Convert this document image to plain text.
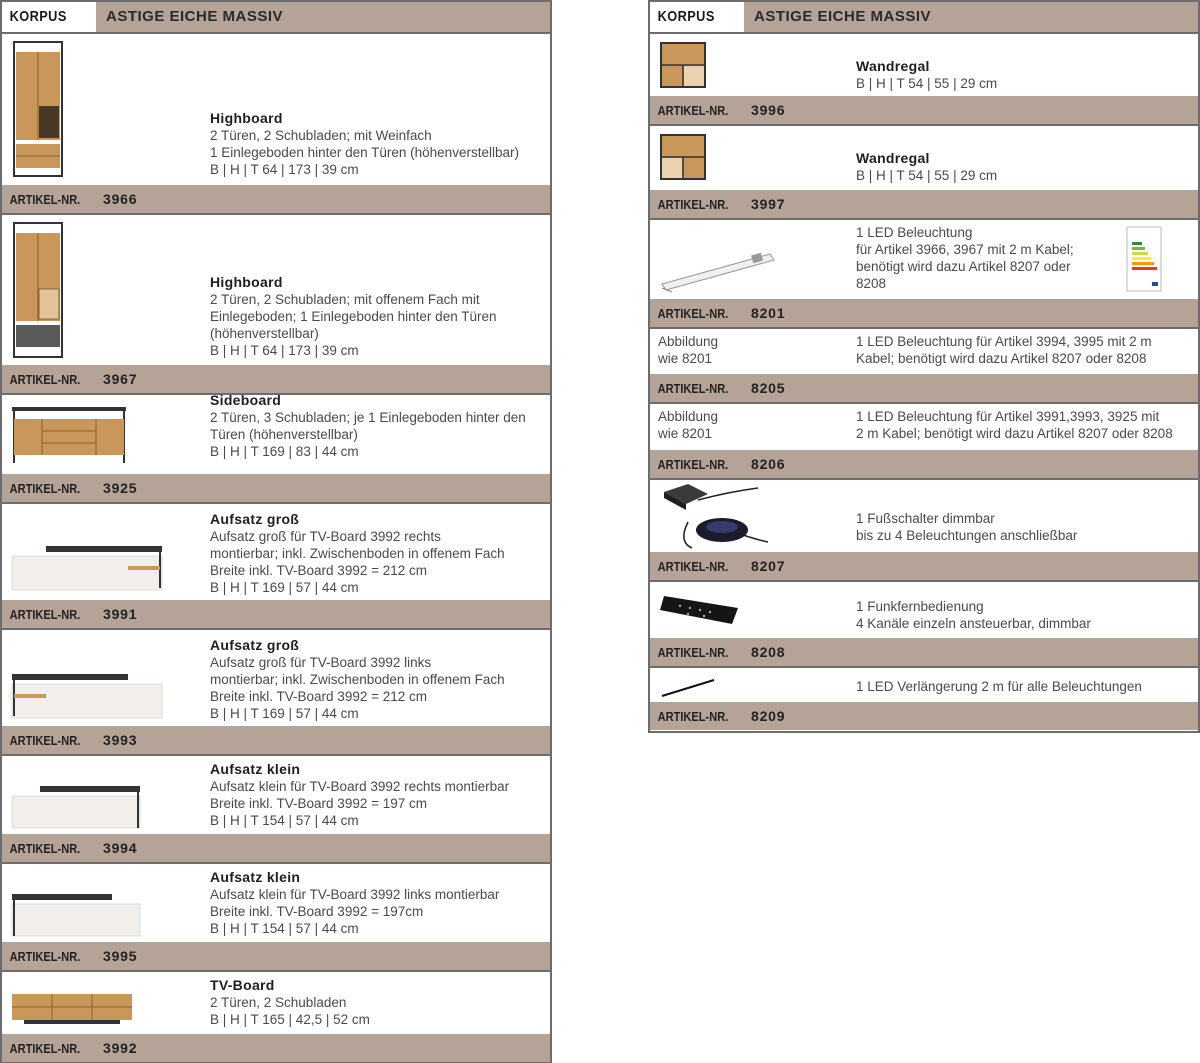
KORPUS	ASTIGE EICHE MASSIV
Highboard
2 Türen, 2 Schubladen; mit Weinfach
1 Einlegeboden hinter den Türen (höhenverstellbar)
B | H | T 64 | 173 | 39 cm
ARTIKEL-NR.	3966
Highboard
2 Türen, 2 Schubladen; mit offenem Fach mit
Einlegeboden; 1 Einlegeboden hinter den Türen
(höhenverstellbar)
B | H | T 64 | 173 | 39 cm
ARTIKEL-NR.	3967
Sideboard
2 Türen, 3 Schubladen; je 1 Einlegeboden hinter den
Türen (höhenverstellbar)
B | H | T 169 | 83 | 44 cm
ARTIKEL-NR.	3925
Aufsatz groß
Aufsatz groß für TV-Board 3992 rechts
montierbar; inkl. Zwischenboden in offenem Fach
Breite inkl. TV-Board 3992 = 212 cm
B | H | T 169 | 57 | 44 cm
ARTIKEL-NR.	3991
Aufsatz groß
Aufsatz groß für TV-Board 3992 links
montierbar; inkl. Zwischenboden in offenem Fach
Breite inkl. TV-Board 3992 = 212 cm
B | H | T 169 | 57 | 44 cm
ARTIKEL-NR.	3993
Aufsatz klein
Aufsatz klein für TV-Board 3992 rechts montierbar
Breite inkl. TV-Board 3992 = 197 cm
B | H | T 154 | 57 | 44 cm
ARTIKEL-NR.	3994
Aufsatz klein
Aufsatz klein für TV-Board 3992 links montierbar
Breite inkl. TV-Board 3992 = 197cm
B | H | T 154 | 57 | 44 cm
ARTIKEL-NR.	3995
TV-Board
2 Türen, 2 Schubladen
B | H | T 165 | 42,5 | 52 cm
ARTIKEL-NR.	3992
KORPUS	ASTIGE EICHE MASSIV
Wandregal
B | H | T 54 | 55 | 29 cm
ARTIKEL-NR.	3996
Wandregal
B | H | T 54 | 55 | 29 cm
ARTIKEL-NR.	3997
1 LED Beleuchtung
für Artikel 3966, 3967 mit 2 m Kabel;
benötigt wird dazu Artikel 8207 oder
8208
ARTIKEL-NR.	8201
Abbildung
wie 8201
1 LED Beleuchtung für Artikel 3994, 3995 mit 2 m
Kabel; benötigt wird dazu Artikel 8207 oder 8208
ARTIKEL-NR.	8205
Abbildung
wie 8201
1 LED Beleuchtung für Artikel 3991,3993, 3925 mit
2 m Kabel; benötigt wird dazu Artikel 8207 oder 8208
ARTIKEL-NR.	8206
1 Fußschalter dimmbar
bis zu 4 Beleuchtungen anschließbar
ARTIKEL-NR.	8207
1 Funkfernbedienung
4 Kanäle einzeln ansteuerbar, dimmbar
ARTIKEL-NR.	8208
1 LED Verlängerung 2 m für alle Beleuchtungen
ARTIKEL-NR.	8209
